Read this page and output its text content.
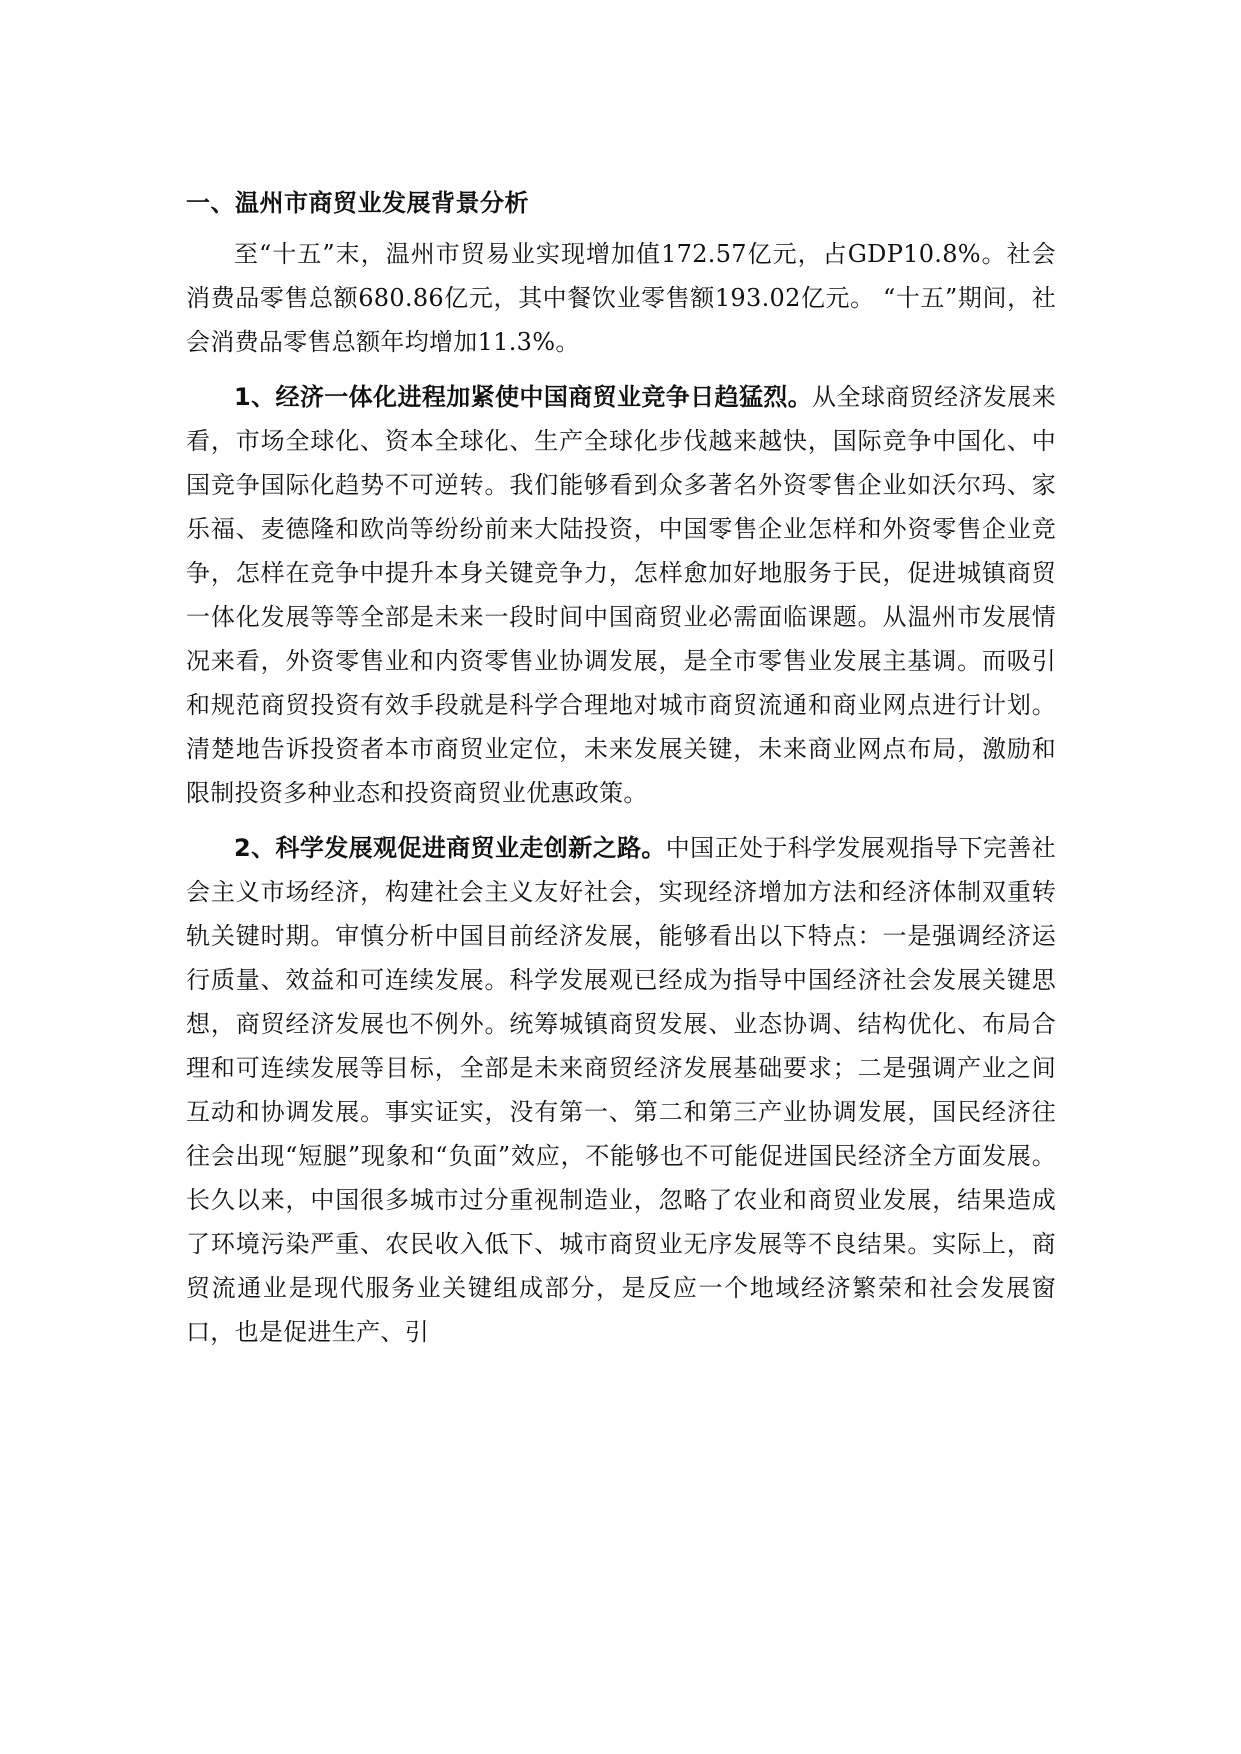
一、温州市商贸业发展背景分析

至“十五”末，温州市贸易业实现增加值172.57亿元，占GDP10.8%。社会消费品零售总额680.86亿元，其中餐饮业零售额193.02亿元。 “十五”期间，社会消费品零售总额年均增加11.3%。

1、经济一体化进程加紧使中国商贸业竞争日趋猛烈。从全球商贸经济发展来看，市场全球化、资本全球化、生产全球化步伐越来越快，国际竞争中国化、中国竞争国际化趋势不可逆转。我们能够看到众多著名外资零售企业如沃尔玛、家乐福、麦德隆和欧尚等纷纷前来大陆投资，中国零售企业怎样和外资零售企业竞争，怎样在竞争中提升本身关键竞争力，怎样愈加好地服务于民，促进城镇商贸一体化发展等等全部是未来一段时间中国商贸业必需面临课题。从温州市发展情况来看，外资零售业和内资零售业协调发展，是全市零售业发展主基调。而吸引和规范商贸投资有效手段就是科学合理地对城市商贸流通和商业网点进行计划。清楚地告诉投资者本市商贸业定位，未来发展关键，未来商业网点布局，激励和限制投资多种业态和投资商贸业优惠政策。

2、科学发展观促进商贸业走创新之路。中国正处于科学发展观指导下完善社会主义市场经济，构建社会主义友好社会，实现经济增加方法和经济体制双重转轨关键时期。审慎分析中国目前经济发展，能够看出以下特点：一是强调经济运行质量、效益和可连续发展。科学发展观已经成为指导中国经济社会发展关键思想，商贸经济发展也不例外。统筹城镇商贸发展、业态协调、结构优化、布局合理和可连续发展等目标，全部是未来商贸经济发展基础要求；二是强调产业之间互动和协调发展。事实证实，没有第一、第二和第三产业协调发展，国民经济往往会出现“短腿”现象和“负面”效应，不能够也不可能促进国民经济全方面发展。长久以来，中国很多城市过分重视制造业，忽略了农业和商贸业发展，结果造成了环境污染严重、农民收入低下、城市商贸业无序发展等不良结果。实际上，商贸流通业是现代服务业关键组成部分，是反应一个地域经济繁荣和社会发展窗口，也是促进生产、引
